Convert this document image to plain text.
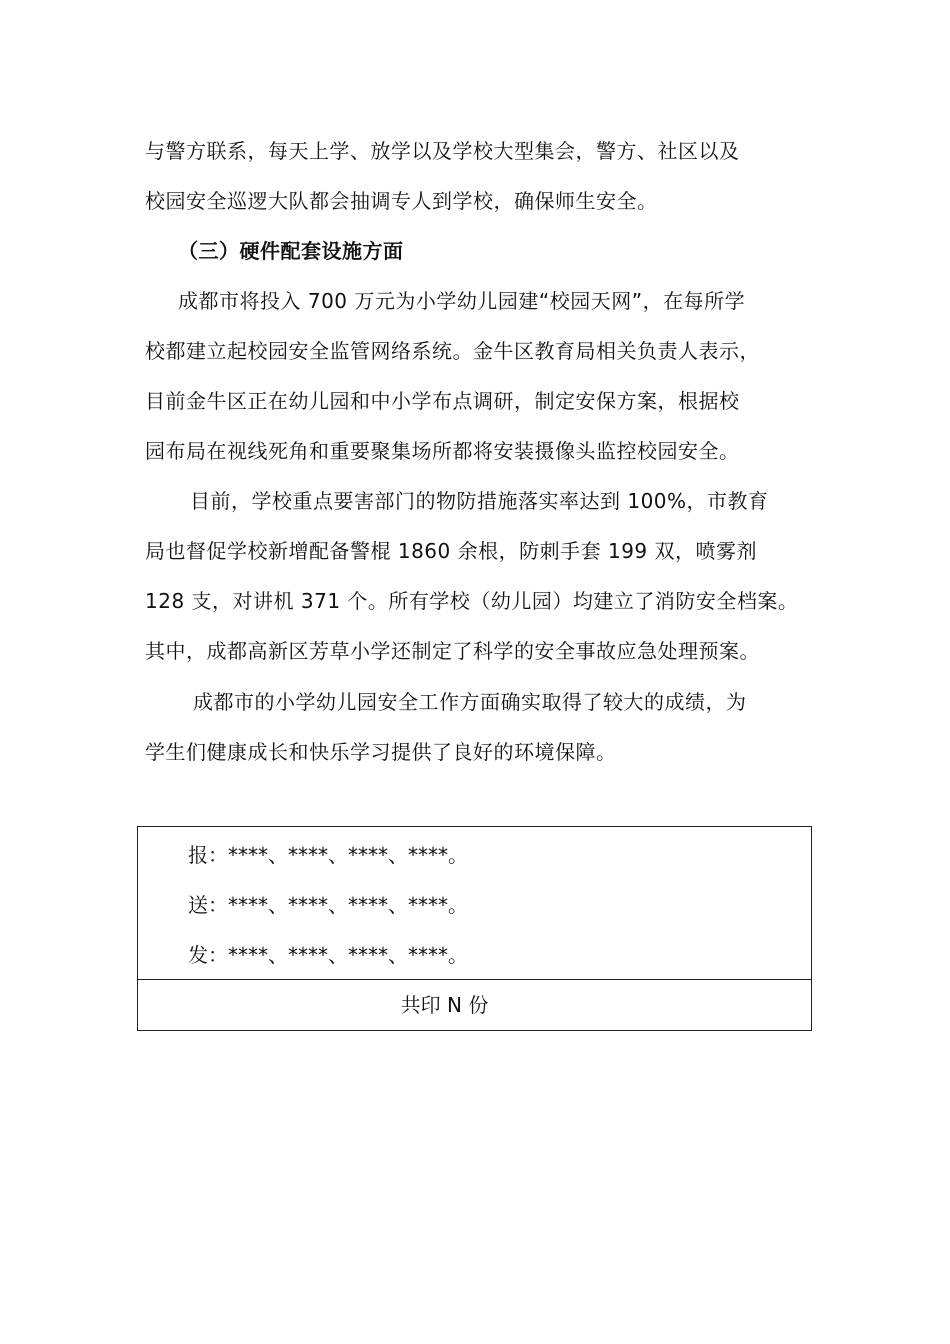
与警方联系，每天上学、放学以及学校大型集会，警方、社区以及
校园安全巡逻大队都会抽调专人到学校，确保师生安全。
（三）硬件配套设施方面
成都市将投入 700 万元为小学幼儿园建“校园天网”，在每所学
校都建立起校园安全监管网络系统。金牛区教育局相关负责人表示，
目前金牛区正在幼儿园和中小学布点调研，制定安保方案，根据校
园布局在视线死角和重要聚集场所都将安装摄像头监控校园安全。
目前，学校重点要害部门的物防措施落实率达到 100%，市教育
局也督促学校新增配备警棍 1860 余根，防刺手套 199 双，喷雾剂
128 支，对讲机 371 个。所有学校（幼儿园）均建立了消防安全档案。
其中，成都高新区芳草小学还制定了科学的安全事故应急处理预案。
成都市的小学幼儿园安全工作方面确实取得了较大的成绩，为
学生们健康成长和快乐学习提供了良好的环境保障。
报：****、****、****、****。
送：****、****、****、****。
发：****、****、****、****。
共印 N 份
